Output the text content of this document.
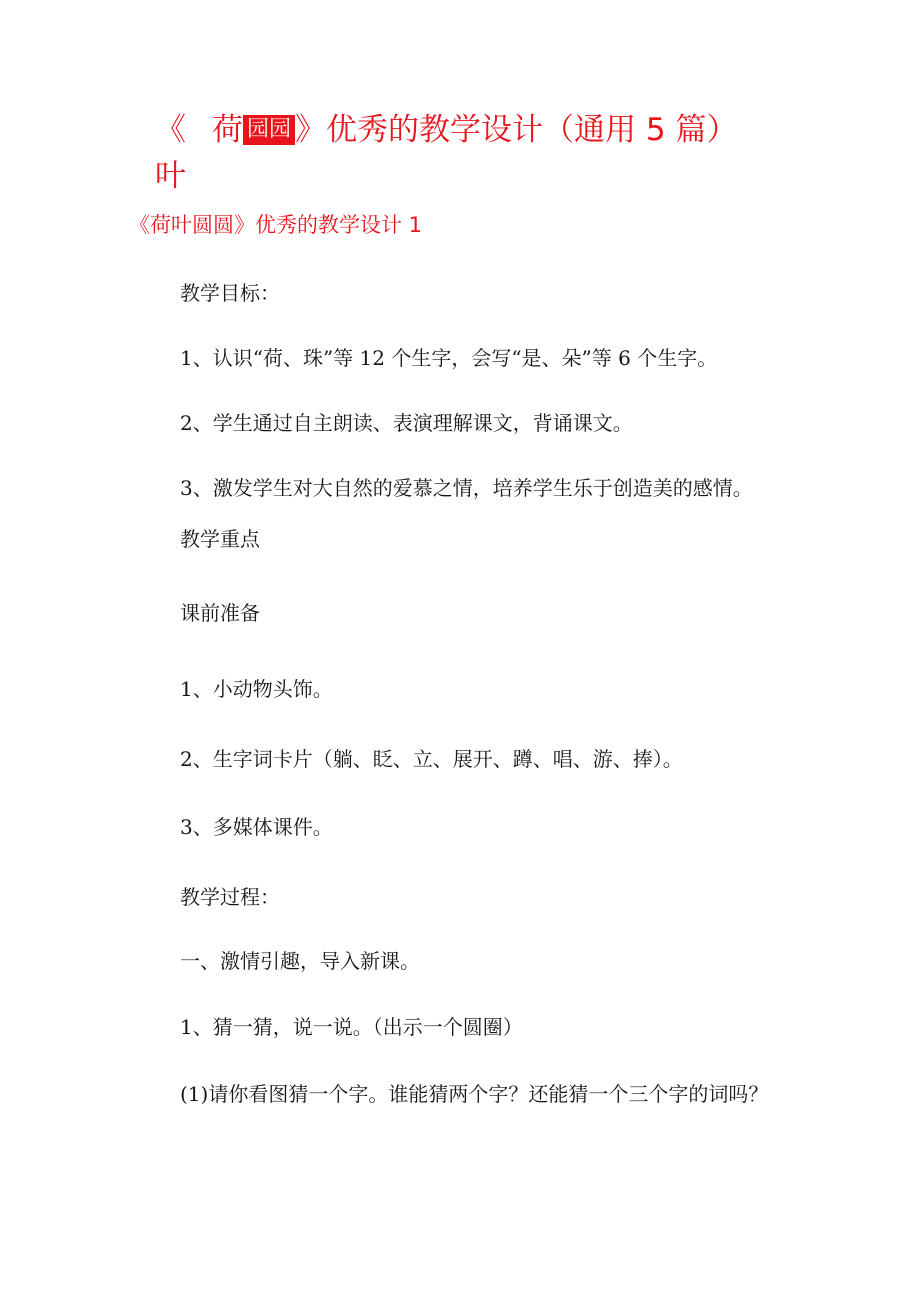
《 荷 园园 》优秀的教学设计（通用 5 篇）
叶
《荷叶圆圆》优秀的教学设计 1
教学目标：
1、认识“荷、珠”等 12 个生字，会写“是、朵”等 6 个生字。
2、学生通过自主朗读、表演理解课文，背诵课文。
3、激发学生对大自然的爱慕之情，培养学生乐于创造美的感情。
教学重点
课前准备
1、小动物头饰。
2、生字词卡片（躺、眨、立、展开、蹲、唱、游、捧）。
3、多媒体课件。
教学过程：
一、激情引趣，导入新课。
1、猜一猜，说一说。（出示一个圆圈）
(1)请你看图猜一个字。谁能猜两个字？还能猜一个三个字的词吗？
